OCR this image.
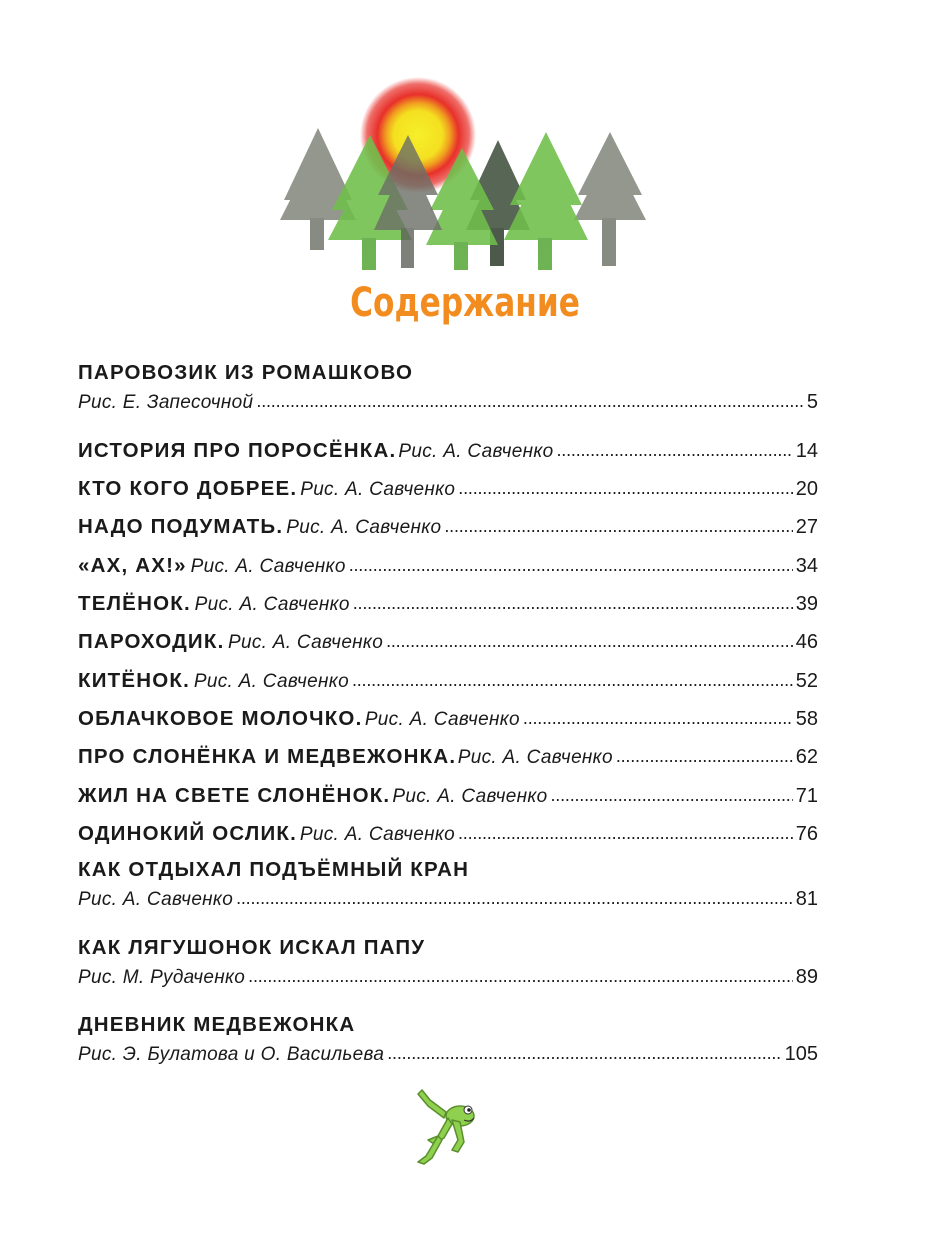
Содержание
ПАРОВОЗИК ИЗ РОМАШКОВО
Рис. Е. Запесочной . . .	5
ИСТОРИЯ ПРО ПОРОСЁНКА. Рис. А. Савченко . . .	14
КТО КОГО ДОБРЕЕ. Рис. А. Савченко . . .	20
НАДО ПОДУМАТЬ. Рис. А. Савченко . . .	27
«АХ, АХ!» Рис. А. Савченко . . .	34
ТЕЛЁНОК. Рис. А. Савченко . . .	39
ПАРОХОДИК. Рис. А. Савченко . . .	46
КИТЁНОК. Рис. А. Савченко . . .	52
ОБЛАЧКОВОЕ МОЛОЧКО. Рис. А. Савченко . . .	58
ПРО СЛОНЁНКА И МЕДВЕЖОНКА. Рис. А. Савченко . . .	62
ЖИЛ НА СВЕТЕ СЛОНЁНОК. Рис. А. Савченко . . .	71
ОДИНОКИЙ ОСЛИК. Рис. А. Савченко . . .	76
КАК ОТДЫХАЛ ПОДЪЁМНЫЙ КРАН
Рис. А. Савченко . . .	81
КАК ЛЯГУШОНОК ИСКАЛ ПАПУ
Рис. М. Рудаченко . . .	89
ДНЕВНИК МЕДВЕЖОНКА
Рис. Э. Булатова и О. Васильева . . .	105
